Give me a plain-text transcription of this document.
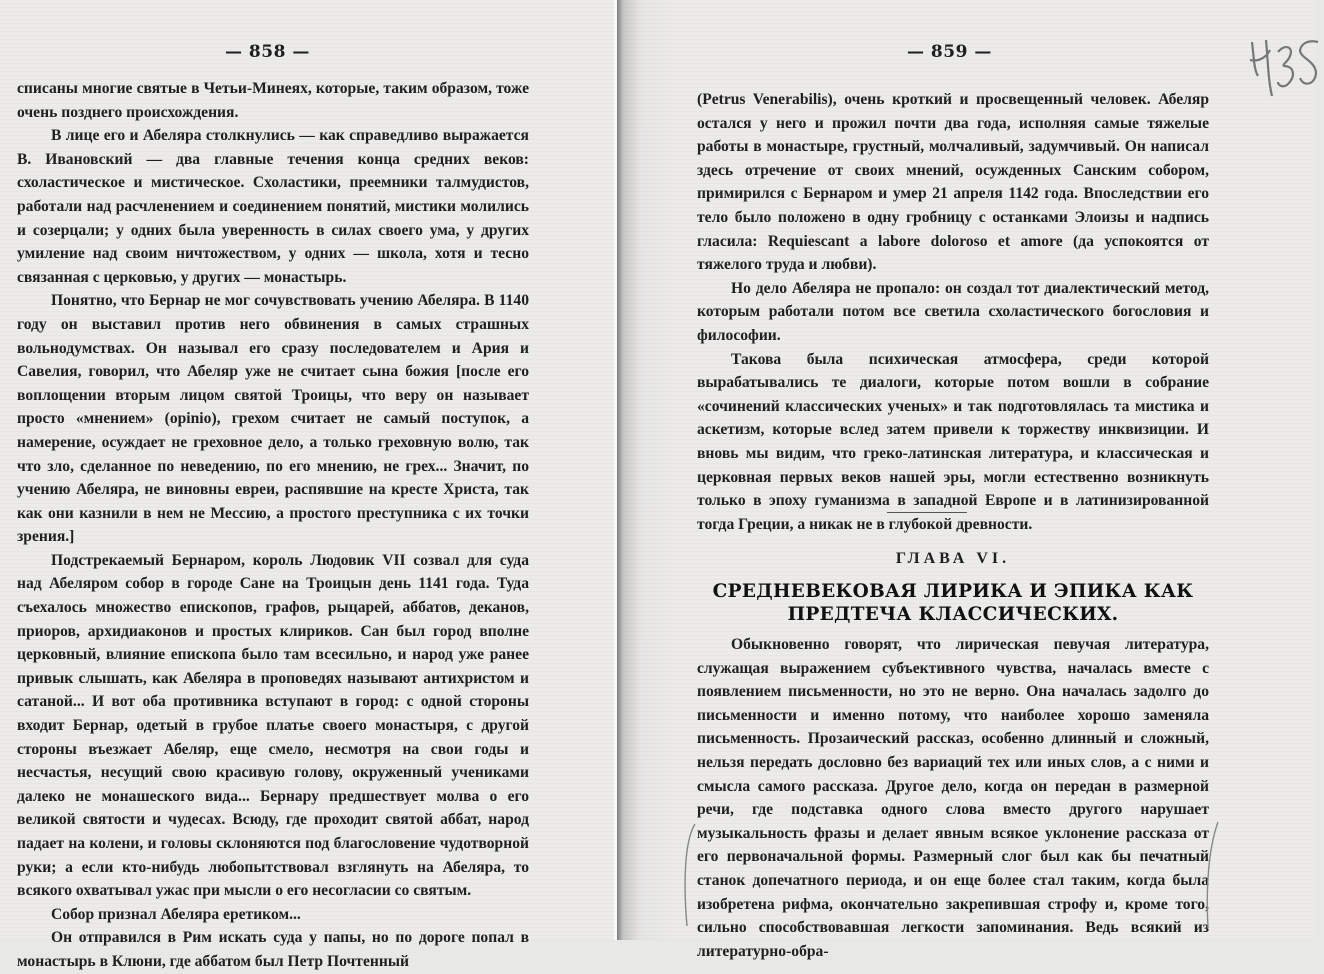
— 858 —

списаны многие святые в Четьи-Минеях, которые, таким образом, тоже очень позднего происхождения.

В лице его и Абеляра столкнулись — как справедливо выражается В. Ивановский — два главные течения конца средних веков: схоластическое и мистическое. Схоластики, преемники талмудистов, работали над расчленением и соединением понятий, мистики молились и созерцали; у одних была уверенность в силах своего ума, у других умиление над своим ничтожеством, у одних — школа, хотя и тесно связанная с церковью, у других — монастырь.

Понятно, что Бернар не мог сочувствовать учению Абеляра. В 1140 году он выставил против него обвинения в самых страшных вольнодумствах. Он называл его сразу последователем и Ария и Савелия, говорил, что Абеляр уже не считает сына божия [после его воплощении вторым лицом святой Троицы, что веру он называет просто «мнением» (opinio), грехом считает не самый поступок, а намерение, осуждает не греховное дело, а только греховную волю, так что зло, сделанное по неведению, по его мнению, не грех... Значит, по учению Абеляра, не виновны евреи, распявшие на кресте Христа, так как они казнили в нем не Мессию, а простого преступника с их точки зрения.]

Подстрекаемый Бернаром, король Людовик VII созвал для суда над Абеляром собор в городе Сане на Троицын день 1141 года. Туда съехалось множество епископов, графов, рыцарей, аббатов, деканов, приоров, архидиаконов и простых клириков. Сан был город вполне церковный, влияние епископа было там всесильно, и народ уже ранее привык слышать, как Абеляра в проповедях называют антихристом и сатаной... И вот оба противника вступают в город: с одной стороны входит Бернар, одетый в грубое платье своего монастыря, с другой стороны въезжает Абеляр, еще смело, несмотря на свои годы и несчастья, несущий свою красивую голову, окруженный учениками далеко не монашеского вида... Бернару предшествует молва о его великой святости и чудесах. Всюду, где проходит святой аббат, народ падает на колени, и головы склоняются под благословение чудотворной руки; а если кто-нибудь любопытствовал взглянуть на Абеляра, то всякого охватывал ужас при мысли о его несогласии со святым.

Собор признал Абеляра еретиком...

Он отправился в Рим искать суда у папы, но по дороге попал в монастырь в Клюни, где аббатом был Петр Почтенный

— 859 —

(Petrus Venerabilis), очень кроткий и просвещенный человек. Абеляр остался у него и прожил почти два года, исполняя самые тяжелые работы в монастыре, грустный, молчаливый, задумчивый. Он написал здесь отречение от своих мнений, осужденных Санским собором, примирился с Бернаром и умер 21 апреля 1142 года. Впоследствии его тело было положено в одну гробницу с останками Элоизы и надпись гласила: Requiescant a labore doloroso et amore (да успокоятся от тяжелого труда и любви).

Но дело Абеляра не пропало: он создал тот диалектический метод, которым работали потом все светила схоластического богословия и философии.

Такова была психическая атмосфера, среди которой вырабатывались те диалоги, которые потом вошли в собрание «сочинений классических ученых» и так подготовлялась та мистика и аскетизм, которые вслед затем привели к торжеству инквизиции. И вновь мы видим, что греко-латинская литература, и классическая и церковная первых веков нашей эры, могли естественно возникнуть только в эпоху гуманизма в западной Европе и в латинизированной тогда Греции, а никак не в глубокой древности.

ГЛАВА VI.
СРЕДНЕВЕКОВАЯ ЛИРИКА И ЭПИКА КАК
ПРЕДТЕЧА КЛАССИЧЕСКИХ.

Обыкновенно говорят, что лирическая певучая литература, служащая выражением субъективного чувства, началась вместе с появлением письменности, но это не верно. Она началась задолго до письменности и именно потому, что наиболее хорошо заменяла письменность. Прозаический рассказ, особенно длинный и сложный, нельзя передать дословно без вариаций тех или иных слов, а с ними и смысла самого рассказа. Другое дело, когда он передан в размерной речи, где подставка одного слова вместо другого нарушает музыкальность фразы и делает явным всякое уклонение рассказа от его первоначальной формы. Размерный слог был как бы печатный станок допечатного периода, и он еще более стал таким, когда была изобретена рифма, окончательно закрепившая строфу и, кроме того, сильно способствовавшая легкости запоминания. Ведь всякий из литературно-обра-
